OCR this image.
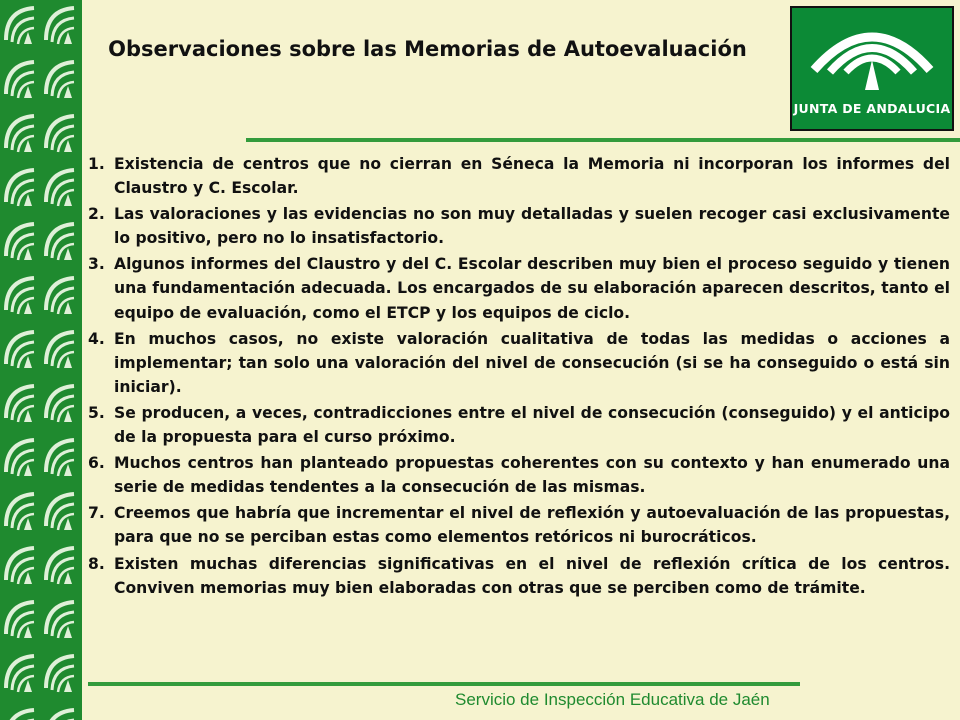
JUNTA DE ANDALUCIA
Observaciones sobre las Memorias de Autoevaluación
1. Existencia de centros que no cierran en Séneca la Memoria ni incorporan los informes del Claustro y C. Escolar.
2. Las valoraciones y las evidencias no son muy detalladas y suelen recoger casi exclusivamente lo positivo, pero no lo insatisfactorio.
3. Algunos informes del Claustro y del C. Escolar describen muy bien el proceso seguido y tienen una fundamentación adecuada. Los encargados de su elaboración aparecen descritos, tanto el equipo de evaluación, como el ETCP y los equipos de ciclo.
4. En muchos casos, no existe valoración cualitativa de todas las medidas o acciones a implementar; tan solo una valoración del nivel de consecución (si se ha conseguido o está sin iniciar).
5. Se producen, a veces, contradicciones entre el nivel de consecución (conseguido) y el anticipo de la propuesta para el curso próximo.
6. Muchos centros han planteado propuestas coherentes con su contexto y han enumerado una serie de medidas tendentes a la consecución de las mismas.
7. Creemos que habría que incrementar el nivel de reflexión y autoevaluación de las propuestas, para que no se perciban estas como elementos retóricos ni burocráticos.
8. Existen muchas diferencias significativas en el nivel de reflexión crítica de los centros. Conviven memorias muy bien elaboradas con otras que se perciben como de trámite.
Servicio de Inspección Educativa de Jaén
